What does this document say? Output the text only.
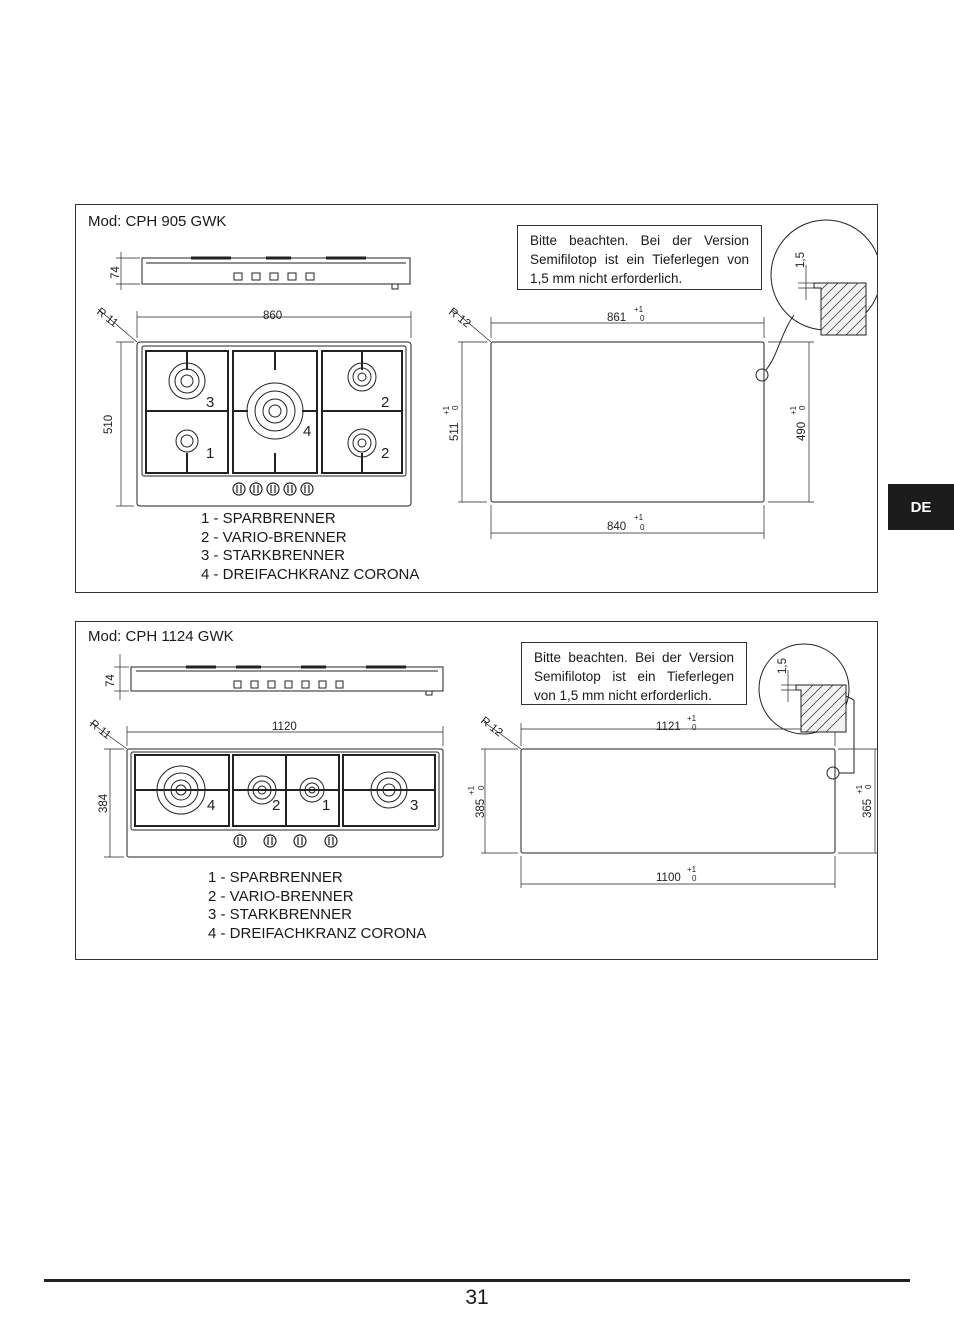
Mod: CPH 905 GWK
Bitte beachten. Bei der Version Semifilotop ist ein Tieferlegen von 1,5 mm nicht erforderlich.
1 - SPARBRENNER
2 - VARIO-BRENNER
3 - STARKBRENNER
4 - DREIFACHKRANZ CORONA
74
860
510
R 11
3	2
4
1	2
1,5
R 12	861
+1
0
840
+1
0
511
+1 0
490
+1 0
Mod: CPH 1124 GWK
Bitte beachten. Bei der Version Semifilotop ist ein Tieferlegen von 1,5 mm nicht erforderlich.
1 - SPARBRENNER
2 - VARIO-BRENNER
3 - STARKBRENNER
4 - DREIFACHKRANZ CORONA
74
1120
384
R 11
4	2	1	3
1,5
R 12	1121
+1
0
1100
+1
0
385
+1 0
365
+1 0
DE
31
